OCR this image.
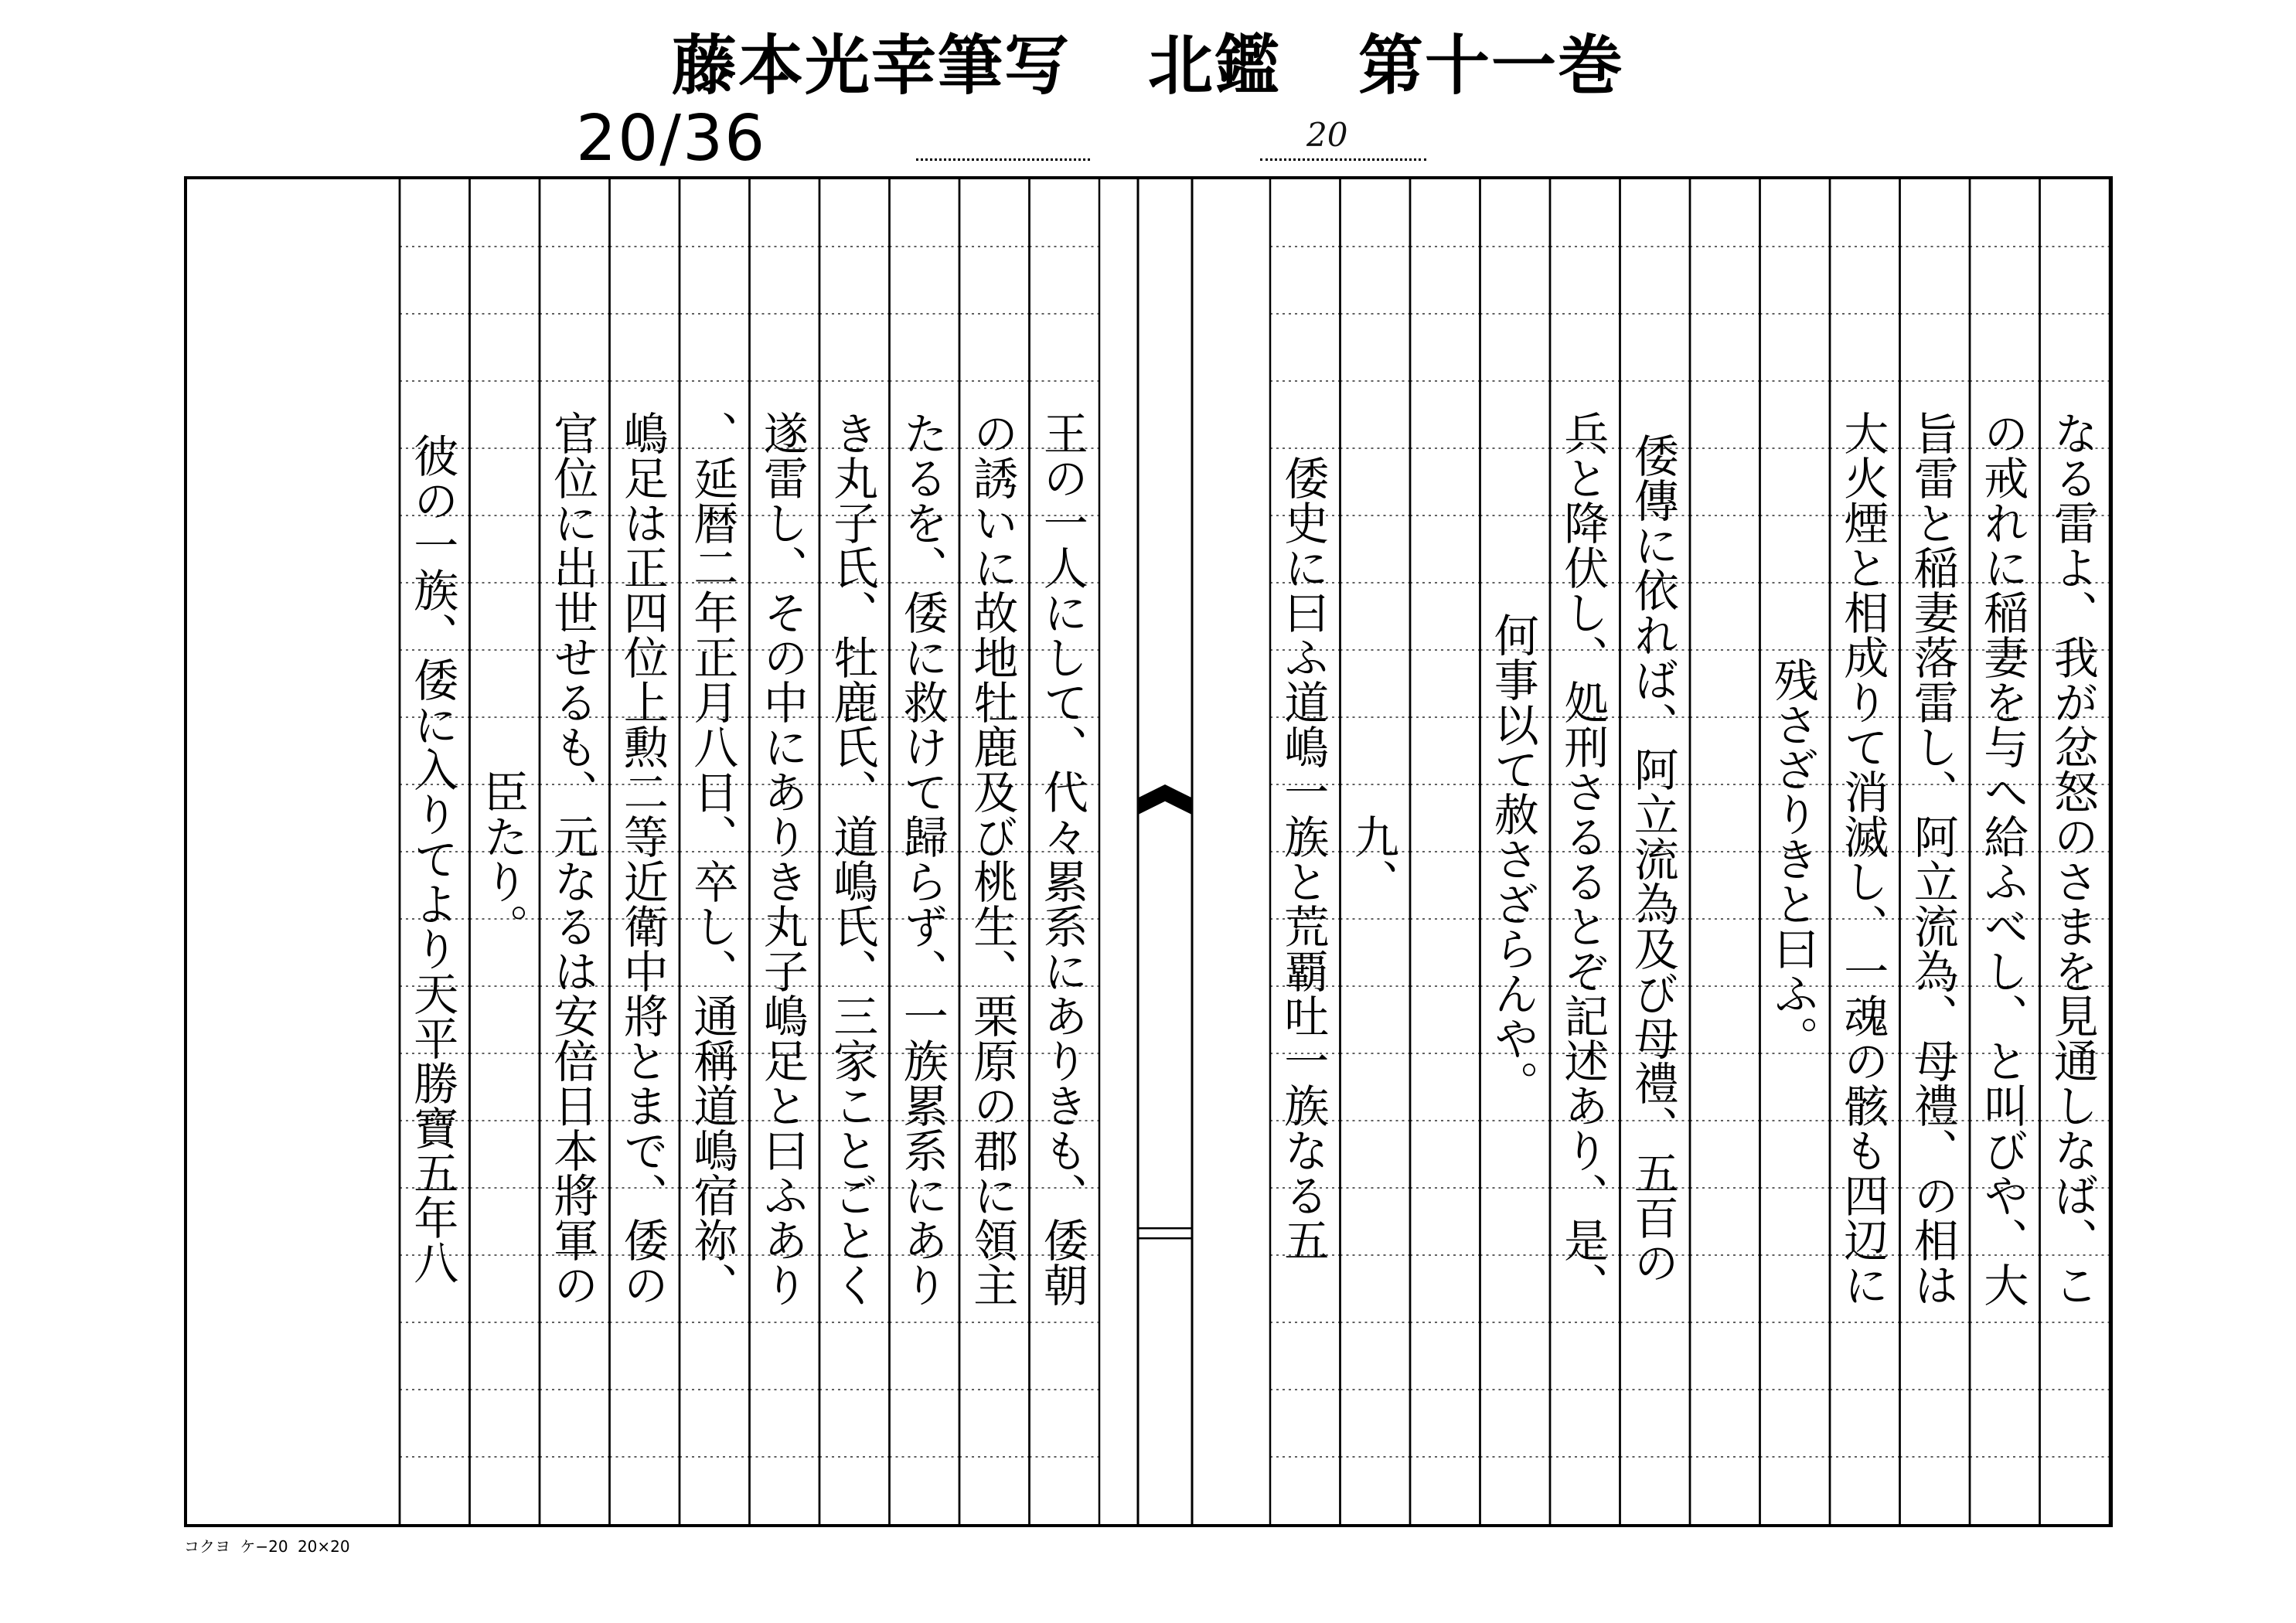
藤本光幸筆写 北鑑 第十一巻
20/36	20
なる雷よ、我が忿怒のさまを見通しなば、こ
の戒れに稲妻を与へ給ふべし、と叫びや、大
旨雷と稲妻落雷し、阿立流為、母禮、の相は
大火煙と相成りて消滅し、一魂の骸も四辺に
残さざりきと曰ふ。
倭傳に依れば、阿立流為及び母禮、五百の
兵と降伏し、処刑さるるとぞ記述あり、是、
何事以て赦さざらんや。
九、
倭史に曰ふ道嶋一族と荒覇吐一族なる五
王の一人にして、代々累系にありきも、倭朝
の誘いに故地牡鹿及び桃生、栗原の郡に領主
たるを、倭に救けて歸らず、一族累系にあり
き丸子氏、牡鹿氏、道嶋氏、三家ことごとく
遂雷し、その中にありき丸子嶋足と曰ふあり
、延暦二年正月八日、卒し、通稱道嶋宿祢、
嶋足は正四位上勲二等近衛中將とまで、倭の
官位に出世せるも、元なるは安倍日本將軍の
臣たり。
彼の一族、倭に入りてより天平勝寶五年八
コクヨ ケ−20 20×20
